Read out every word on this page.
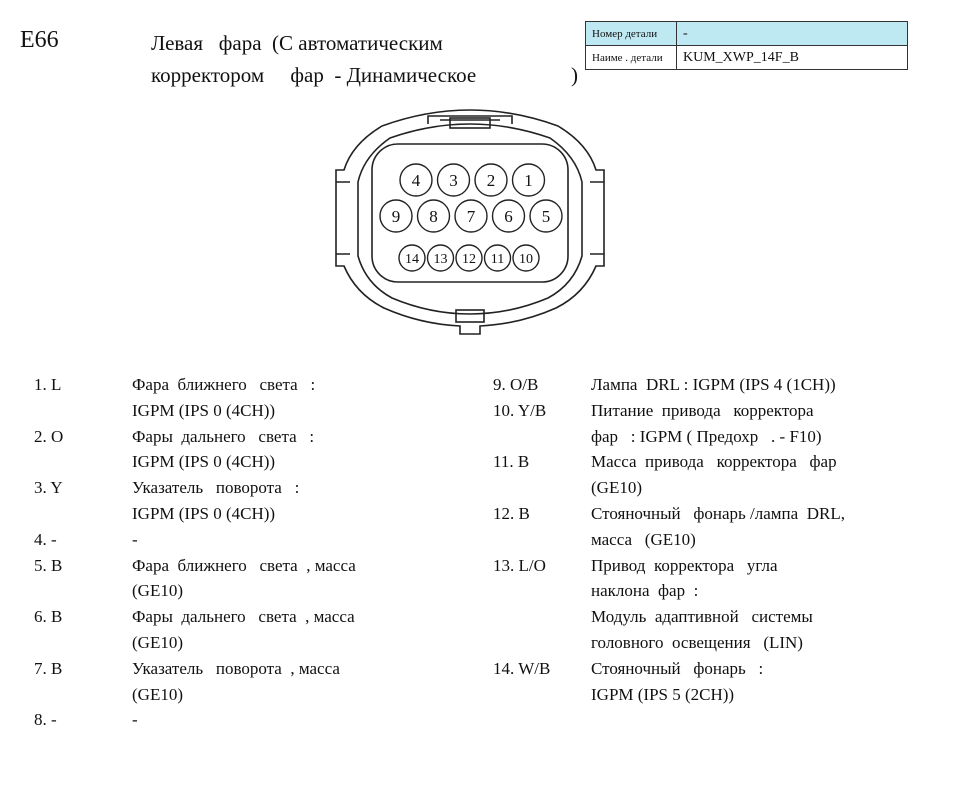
E66	Левая   фара  (С автоматическим
корректором     фар  - Динамическое	)
Номер детали	-
Наиме . детали	KUM_XWP_14F_B
4 3 2 1
9 8 7 6 5
14 13 12 11 10
1. L	Фара  ближнего   света   :
IGPM (IPS 0 (4CH))
2. O	Фары  дальнего   света   :
IGPM (IPS 0 (4CH))
3. Y	Указатель   поворота   :
IGPM (IPS 0 (4CH))
4. -	-
5. B	Фара  ближнего   света  , масса
(GE10)
6. B	Фары  дальнего   света  , масса
(GE10)
7. B	Указатель   поворота  , масса
(GE10)
8. -	-
9. O/B	Лампа  DRL : IGPM (IPS 4 (1CH))
10. Y/B	Питание  привода   корректора
фар   : IGPM ( Предохр   . - F10)
11. B	Масса  привода   корректора   фар
(GE10)
12. B	Стояночный   фонарь /лампа  DRL,
масса   (GE10)
13. L/O	Привод  корректора   угла
наклона  фар  :
Модуль  адаптивной   системы
головного  освещения   (LIN)
14. W/B Стояночный   фонарь   :
IGPM (IPS 5 (2CH))
